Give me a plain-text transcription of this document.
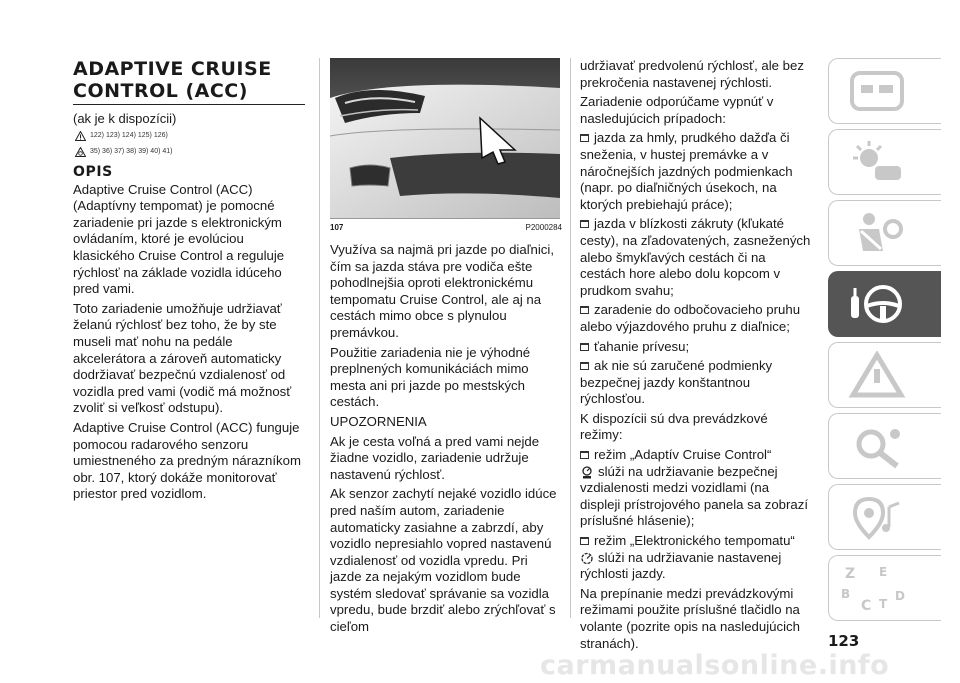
ADAPTIVE CRUISE
CONTROL (ACC)

(ak je k dispozícii)

122) 123) 124) 125) 126)
35) 36) 37) 38) 39) 40) 41)
OPIS

Adaptive Cruise Control (ACC) (Adaptívny tempomat) je pomocné zariadenie pri jazde s elektronickým ovládaním, ktoré je evolúciou klasického Cruise Control a reguluje rýchlosť na základe vozidla idúceho pred vami.

Toto zariadenie umožňuje udržiavať želanú rýchlosť bez toho, že by ste museli mať nohu na pedále akcelerátora a zároveň automaticky dodržiavať bezpečnú vzdialenosť od vozidla pred vami (vodič má možnosť zvoliť si veľkosť odstupu).

Adaptive Cruise Control (ACC) funguje pomocou radarového senzoru umiestneného za predným nárazníkom obr. 107, ktorý dokáže monitorovať priestor pred vozidlom.

107	P2000284

Využíva sa najmä pri jazde po diaľnici, čím sa jazda stáva pre vodiča ešte pohodlnejšia oproti elektronickému tempomatu Cruise Control, ale aj na cestách mimo obce s plynulou premávkou.

Použitie zariadenia nie je výhodné preplnených komunikáciách mimo mesta ani pri jazde po mestských cestách.

UPOZORNENIA

Ak je cesta voľná a pred vami nejde žiadne vozidlo, zariadenie udržuje nastavenú rýchlosť.

Ak senzor zachytí nejaké vozidlo idúce pred naším autom, zariadenie automaticky zasiahne a zabrzdí, aby vozidlo nepresiahlo vopred nastavenú vzdialenosť od vozidla vpredu. Pri jazde za nejakým vozidlom bude systém sledovať správanie sa vozidla vpredu, bude brzdiť alebo zrýchľovať s cieľom

udržiavať predvolenú rýchlosť, ale bez prekročenia nastavenej rýchlosti.

Zariadenie odporúčame vypnúť v nasledujúcich prípadoch:

jazda za hmly, prudkého dažďa či sneženia, v hustej premávke a v náročnejších jazdných podmienkach (napr. po diaľničných úsekoch, na ktorých prebiehajú práce);

jazda v blízkosti zákruty (kľukaté cesty), na zľadovatených, zasnežených alebo šmykľavých cestách či na cestách hore alebo dolu kopcom v prudkom svahu;

zaradenie do odbočovacieho pruhu alebo výjazdového pruhu z diaľnice;

ťahanie prívesu;

ak nie sú zaručené podmienky bezpečnej jazdy konštantnou rýchlosťou.

K dispozícii sú dva prevádzkové režimy:

režim „Adaptív Cruise Control“

slúži na udržiavanie bezpečnej vzdialenosti medzi vozidlami (na displeji prístrojového panela sa zobrazí príslušné hlásenie);

režim „Elektronického tempomatu“

slúži na udržiavanie nastavenej rýchlosti jazdy.

Na prepínanie medzi prevádzkovými režimami použite príslušné tlačidlo na volante (pozrite opis na nasledujúcich stranách).

Z E
B
C T
D
123
carmanualsonline.info
